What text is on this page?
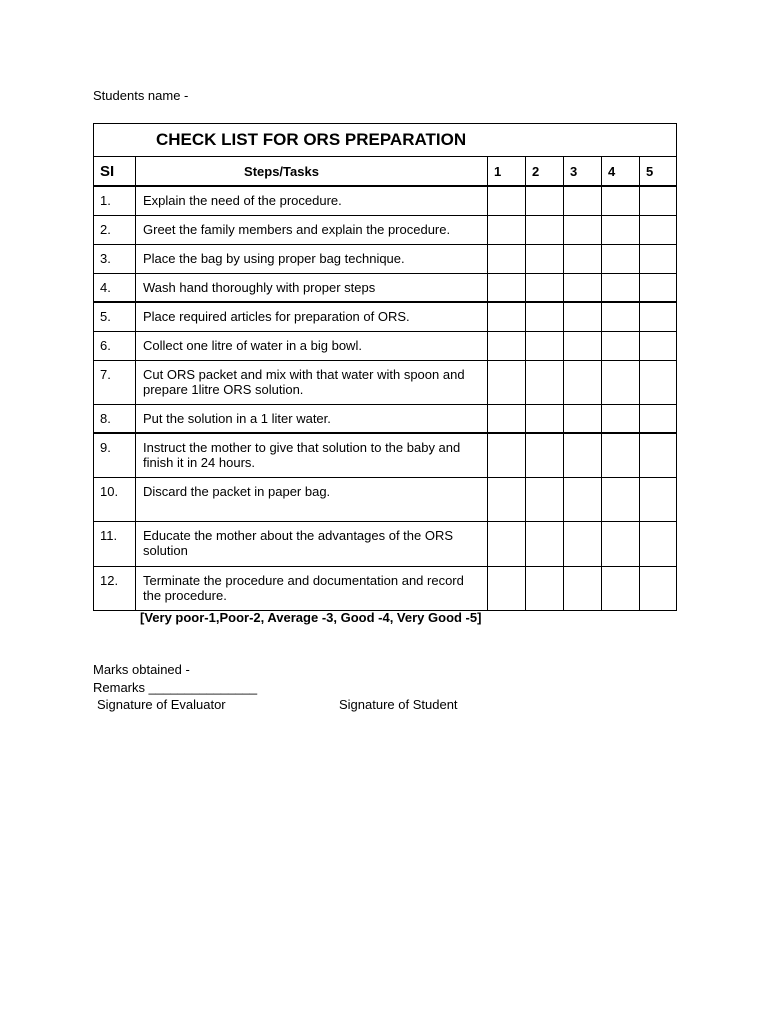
Students name -
CHECK LIST FOR ORS PREPARATION						
SI	Steps/Tasks	1	2	3	4	5
1.	Explain the need of the procedure.					
2.	Greet the family members and explain the procedure.					
3.	Place the bag by using proper bag technique.					
4.	Wash hand thoroughly with proper steps					
5.	Place required articles for preparation of ORS.					
6.	Collect one litre of water in a big bowl.					
7.	Cut ORS packet and mix with that water with spoon and prepare 1litre ORS solution.					
8.	Put the solution in a 1 liter water.					
9.	Instruct the mother to give that solution to the baby and finish it in 24 hours.					
10.	Discard the packet in paper bag.					
11.	Educate the mother about the advantages of the ORS solution					
12.	Terminate the procedure and documentation and record the procedure.					
[Very poor-1,Poor-2, Average -3, Good -4, Very Good -5]
Marks obtained -
Remarks _______________
Signature of Evaluator	Signature of Student
